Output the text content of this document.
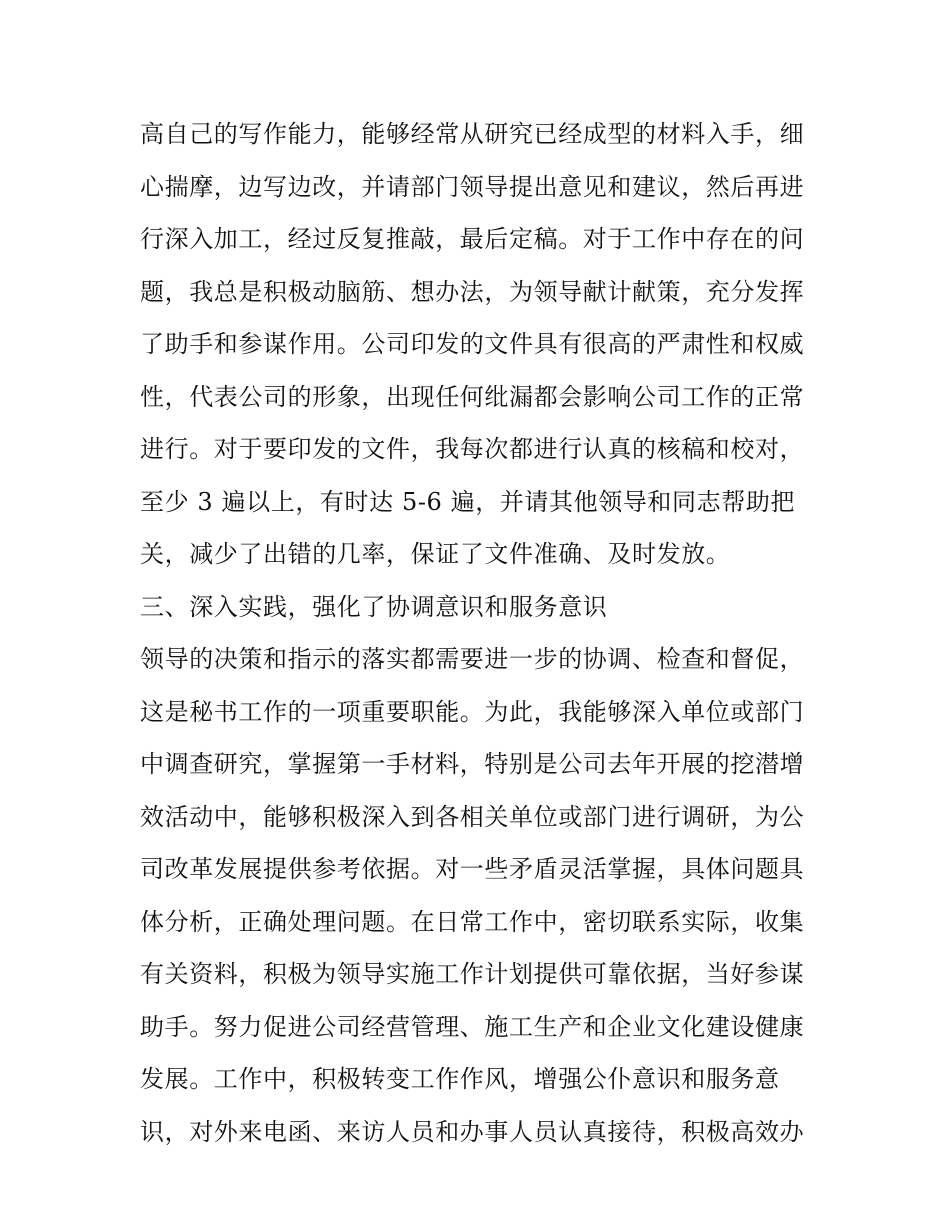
高自己的写作能力，能够经常从研究已经成型的材料入手，细
心揣摩，边写边改，并请部门领导提出意见和建议，然后再进
行深入加工，经过反复推敲，最后定稿。对于工作中存在的问
题，我总是积极动脑筋、想办法，为领导献计献策，充分发挥
了助手和参谋作用。公司印发的文件具有很高的严肃性和权威
性，代表公司的形象，出现任何纰漏都会影响公司工作的正常
进行。对于要印发的文件，我每次都进行认真的核稿和校对，
至少 3 遍以上，有时达 5-6 遍，并请其他领导和同志帮助把
关，减少了出错的几率，保证了文件准确、及时发放。
三、深入实践，强化了协调意识和服务意识
领导的决策和指示的落实都需要进一步的协调、检查和督促，
这是秘书工作的一项重要职能。为此，我能够深入单位或部门
中调查研究，掌握第一手材料，特别是公司去年开展的挖潜增
效活动中，能够积极深入到各相关单位或部门进行调研，为公
司改革发展提供参考依据。对一些矛盾灵活掌握，具体问题具
体分析，正确处理问题。在日常工作中，密切联系实际，收集
有关资料，积极为领导实施工作计划提供可靠依据，当好参谋
助手。努力促进公司经营管理、施工生产和企业文化建设健康
发展。工作中，积极转变工作作风，增强公仆意识和服务意
识，对外来电函、来访人员和办事人员认真接待，积极高效办
